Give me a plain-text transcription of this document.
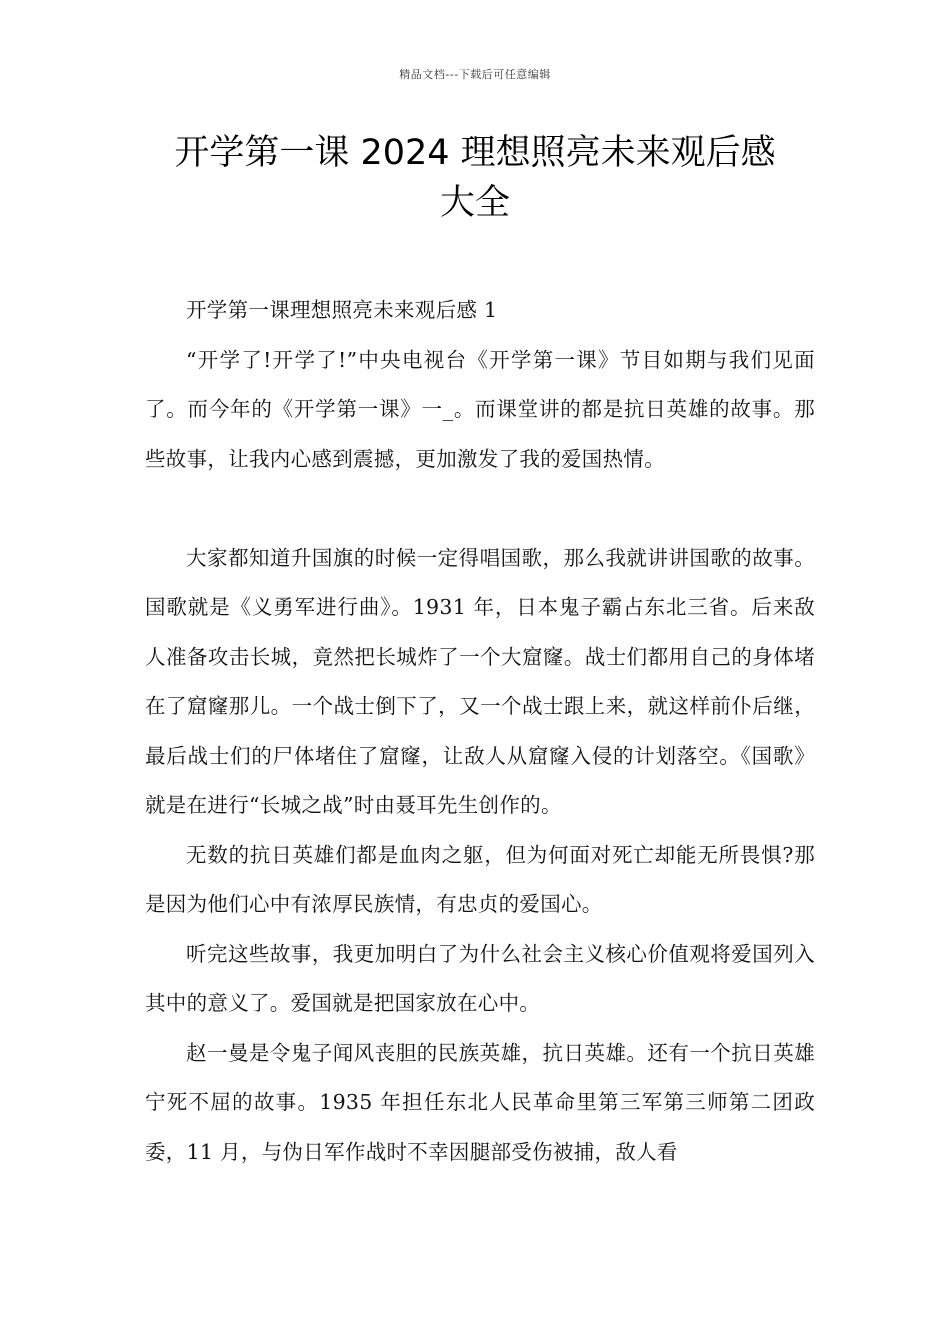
精品文档---下载后可任意编辑
开学第一课 2024 理想照亮未来观后感
大全

开学第一课理想照亮未来观后感 1

“开学了!开学了!”中央电视台《开学第一课》节目如期与我们见面了。而今年的《开学第一课》一_。而课堂讲的都是抗日英雄的故事。那些故事，让我内心感到震撼，更加激发了我的爱国热情。

大家都知道升国旗的时候一定得唱国歌，那么我就讲讲国歌的故事。国歌就是《义勇军进行曲》。1931 年，日本鬼子霸占东北三省。后来敌人准备攻击长城，竟然把长城炸了一个大窟窿。战士们都用自己的身体堵在了窟窿那儿。一个战士倒下了，又一个战士跟上来，就这样前仆后继，最后战士们的尸体堵住了窟窿，让敌人从窟窿入侵的计划落空。《国歌》就是在进行“长城之战”时由聂耳先生创作的。

无数的抗日英雄们都是血肉之躯，但为何面对死亡却能无所畏惧?那是因为他们心中有浓厚民族情，有忠贞的爱国心。

听完这些故事，我更加明白了为什么社会主义核心价值观将爱国列入其中的意义了。爱国就是把国家放在心中。

赵一曼是令鬼子闻风丧胆的民族英雄，抗日英雄。还有一个抗日英雄宁死不屈的故事。1935 年担任东北人民革命里第三军第三师第二团政委，11 月，与伪日军作战时不幸因腿部受伤被捕，敌人看
